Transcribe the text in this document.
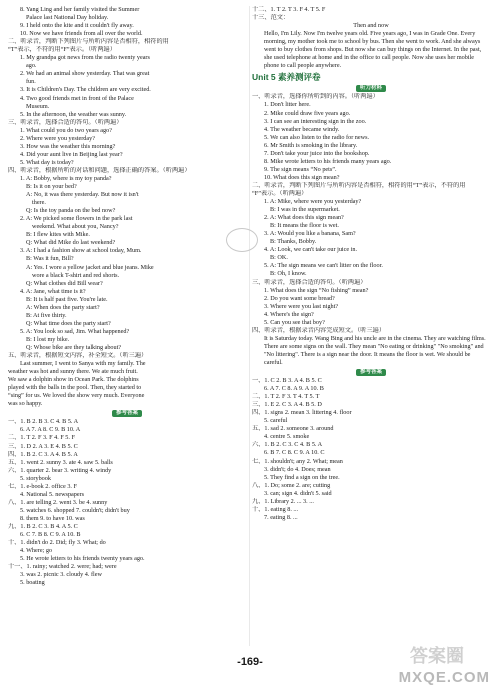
8. Yang Ling and her family visited the Summer
Palace last National Day holiday.
9. I held onto the kite and it couldn't fly away.
10. Now we have friends from all over the world.
二、听录音，判断下列图片与所听内容是否相符，相符的用
“T”表示，不符的用“F”表示。（听两遍）
1. My grandpa got news from the radio twenty years
ago.
2. We had an animal show yesterday. That was great
fun.
3. It is Children's Day. The children are very excited.
4. Two good friends met in front of the Palace
Museum.
5. In the afternoon, the weather was sunny.
三、听录音，选择合适的答句。（听两遍）
1. What could you do two years ago?
2. Where were you yesterday?
3. How was the weather this morning?
4. Did your aunt live in Beijing last year?
5. What day is today?
四、听录音，根据所听的对话和问题，选择正确的答案。（听两遍）
1. A: Bobby, where is my toy panda?
B: Is it on your bed?
A: No, it was there yesterday. But now it isn't
there.
Q: Is the toy panda on the bed now?
2. A: We picked some flowers in the park last
weekend. What about you, Nancy?
B: I flew kites with Mike.
Q: What did Mike do last weekend?
3. A: I had a fashion show at school today, Mum.
B: Was it fun, Bill?
A: Yes. I wore a yellow jacket and blue jeans. Mike
wore a black T-shirt and red shorts.
Q: What clothes did Bill wear?
4. A: Jane, what time is it?
B: It is half past five. You're late.
A: When does the party start?
B: At five thirty.
Q: What time does the party start?
5. A: You look so sad, Jim. What happened?
B: I lost my bike.
Q: Whose bike are they talking about?
五、听录音，根据短文内容，补全短文。（听三遍）
Last summer, I went to Sanya with my family. The
weather was hot and sunny there. We ate much fruit.
We saw a dolphin show in Ocean Park. The dolphins
played with the balls in the pool. Then, they started to
“sing” for us. We loved the show very much. Everyone
was so happy.
参考答案
一、1. B 2. B 3. C 4. B 5. A
6. A 7. A 8. C 9. B 10. A
二、1. T 2. F 3. F 4. F 5. F
三、1. D 2. A 3. E 4. B 5. C
四、1. B 2. C 3. A 4. B 5. A
五、1. went 2. sunny 3. ate 4. saw 5. balls
六、1. quarter 2. bear 3. writing 4. windy
5. storybook
七、1. e-book 2. office 3. F
4. National 5. newspapers
八、1. are telling 2. went 3. be 4. sunny
5. watches 6. shopped 7. couldn't; didn't buy
8. them 9. to have 10. was
九、1. B 2. C 3. B 4. A 5. C
6. C 7. B 8. C 9. A 10. B
十、1. didn't do 2. Did; fly 3. What; do
4. Where; go
5. He wrote letters to his friends twenty years ago.
十一、1. rainy; watched 2. were; had; were
3. was 2. picnic 3. cloudy 4. flew
5. boating
十二、1. T 2. T 3. F 4. T 5. F
十三、范文：
Then and now
Hello, I'm Lily. Now I'm twelve years old. Five years ago, I was in Grade One. Every morning, my mother took me to school by bus. Then she went to work. And she always went to buy clothes from shops. But now she can buy things on the Internet. In the past, she used telephone at home and in the office to call people. Now she uses her mobile phone to call people anywhere.
Unit 5 素养测评卷
听力材料
一、听录音，选择你所听到的内容。（听两遍）
1. Don't litter here.
2. Mike could draw five years ago.
3. I can see an interesting sign in the zoo.
4. The weather became windy.
5. We can also listen to the radio for news.
6. Mr Smith is smoking in the library.
7. Don't take your juice into the bookshop.
8. Mike wrote letters to his friends many years ago.
9. The sign means “No pets”.
10. What does this sign mean?
二、听录音，判断下列图片与所听内容是否相符，相符的用“T”表示，不符的用
“F”表示。（听两遍）
1. A: Mike, where were you yesterday?
B: I was in the supermarket.
2. A: What does this sign mean?
B: It means the floor is wet.
3. A: Would you like a banana, Sam?
B: Thanks, Bobby.
4. A: Look, we can't take our juice in.
B: OK.
5. A: The sign means we can't litter on the floor.
B: Oh, I know.
三、听录音，选择合适的答句。（听两遍）
1. What does the sign “No fishing” mean?
2. Do you want some bread?
3. Where were you last night?
4. Where's the sign?
5. Can you see that boy?
四、听录音，根据录音内容完成短文。（听三遍）
It is Saturday today. Wang Bing and his uncle are in the cinema. They are watching films. There are some signs on the wall. They mean "No eating or drinking" "No smoking" and "No littering". There is a sign near the door. It means the floor is wet. We should be careful.
参考答案
一、1. C 2. B 3. A 4. B 5. C
6. A 7. C 8. A 9. A 10. B
二、1. T 2. F 3. T 4. T 5. T
三、1. E 2. C 3. A 4. B 5. D
四、1. signs 2. mean 3. littering 4. floor
5. careful
五、1. sad 2. someone 3. around
4. centre 5. smoke
六、1. B 2. C 3. C 4. B 5. A
6. B 7. C 8. C 9. A 10. C
七、1. shouldn't; any 2. What; mean
3. didn't; do 4. Does; mean
5. They find a sign on the tree.
八、1. Do; some 2. are; cutting
3. can; sign 4. didn't 5. said
九、1. Library 2. ... 3. ...
十、1. eating 8. ...
7. eating 8. ...
-169-	答案圈
MXQE.COM
